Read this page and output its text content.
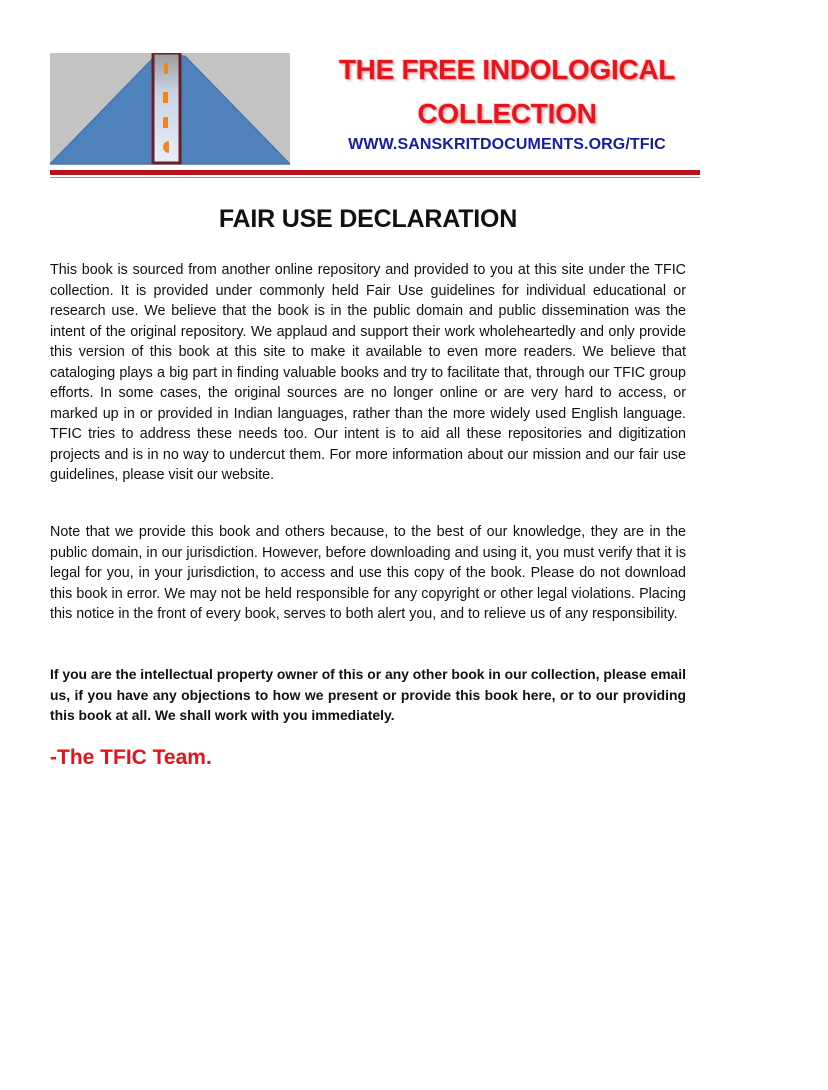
THE FREE INDOLOGICAL COLLECTION
WWW.SANSKRITDOCUMENTS.ORG/TFIC
FAIR USE DECLARATION

This book is sourced from another online repository and provided to you at this site under the TFIC collection. It is provided under commonly held Fair Use guidelines for individual educational or research use. We believe that the book is in the public domain and public dissemination was the intent of the original repository. We applaud and support their work wholeheartedly and only provide this version of this book at this site to make it available to even more readers. We believe that cataloging plays a big part in finding valuable books and try to facilitate that, through our TFIC group efforts. In some cases, the original sources are no longer online or are very hard to access, or marked up in or provided in Indian languages, rather than the more widely used English language. TFIC tries to address these needs too. Our intent is to aid all these repositories and digitization projects and is in no way to undercut them. For more information about our mission and our fair use guidelines, please visit our website.

Note that we provide this book and others because, to the best of our knowledge, they are in the public domain, in our jurisdiction. However, before downloading and using it, you must verify that it is legal for you, in your jurisdiction, to access and use this copy of the book. Please do not download this book in error. We may not be held responsible for any copyright or other legal violations. Placing this notice in the front of every book, serves to both alert you, and to relieve us of any responsibility.

If you are the intellectual property owner of this or any other book in our collection, please email us, if you have any objections to how we present or provide this book here, or to our providing this book at all. We shall work with you immediately.

-The TFIC Team.
